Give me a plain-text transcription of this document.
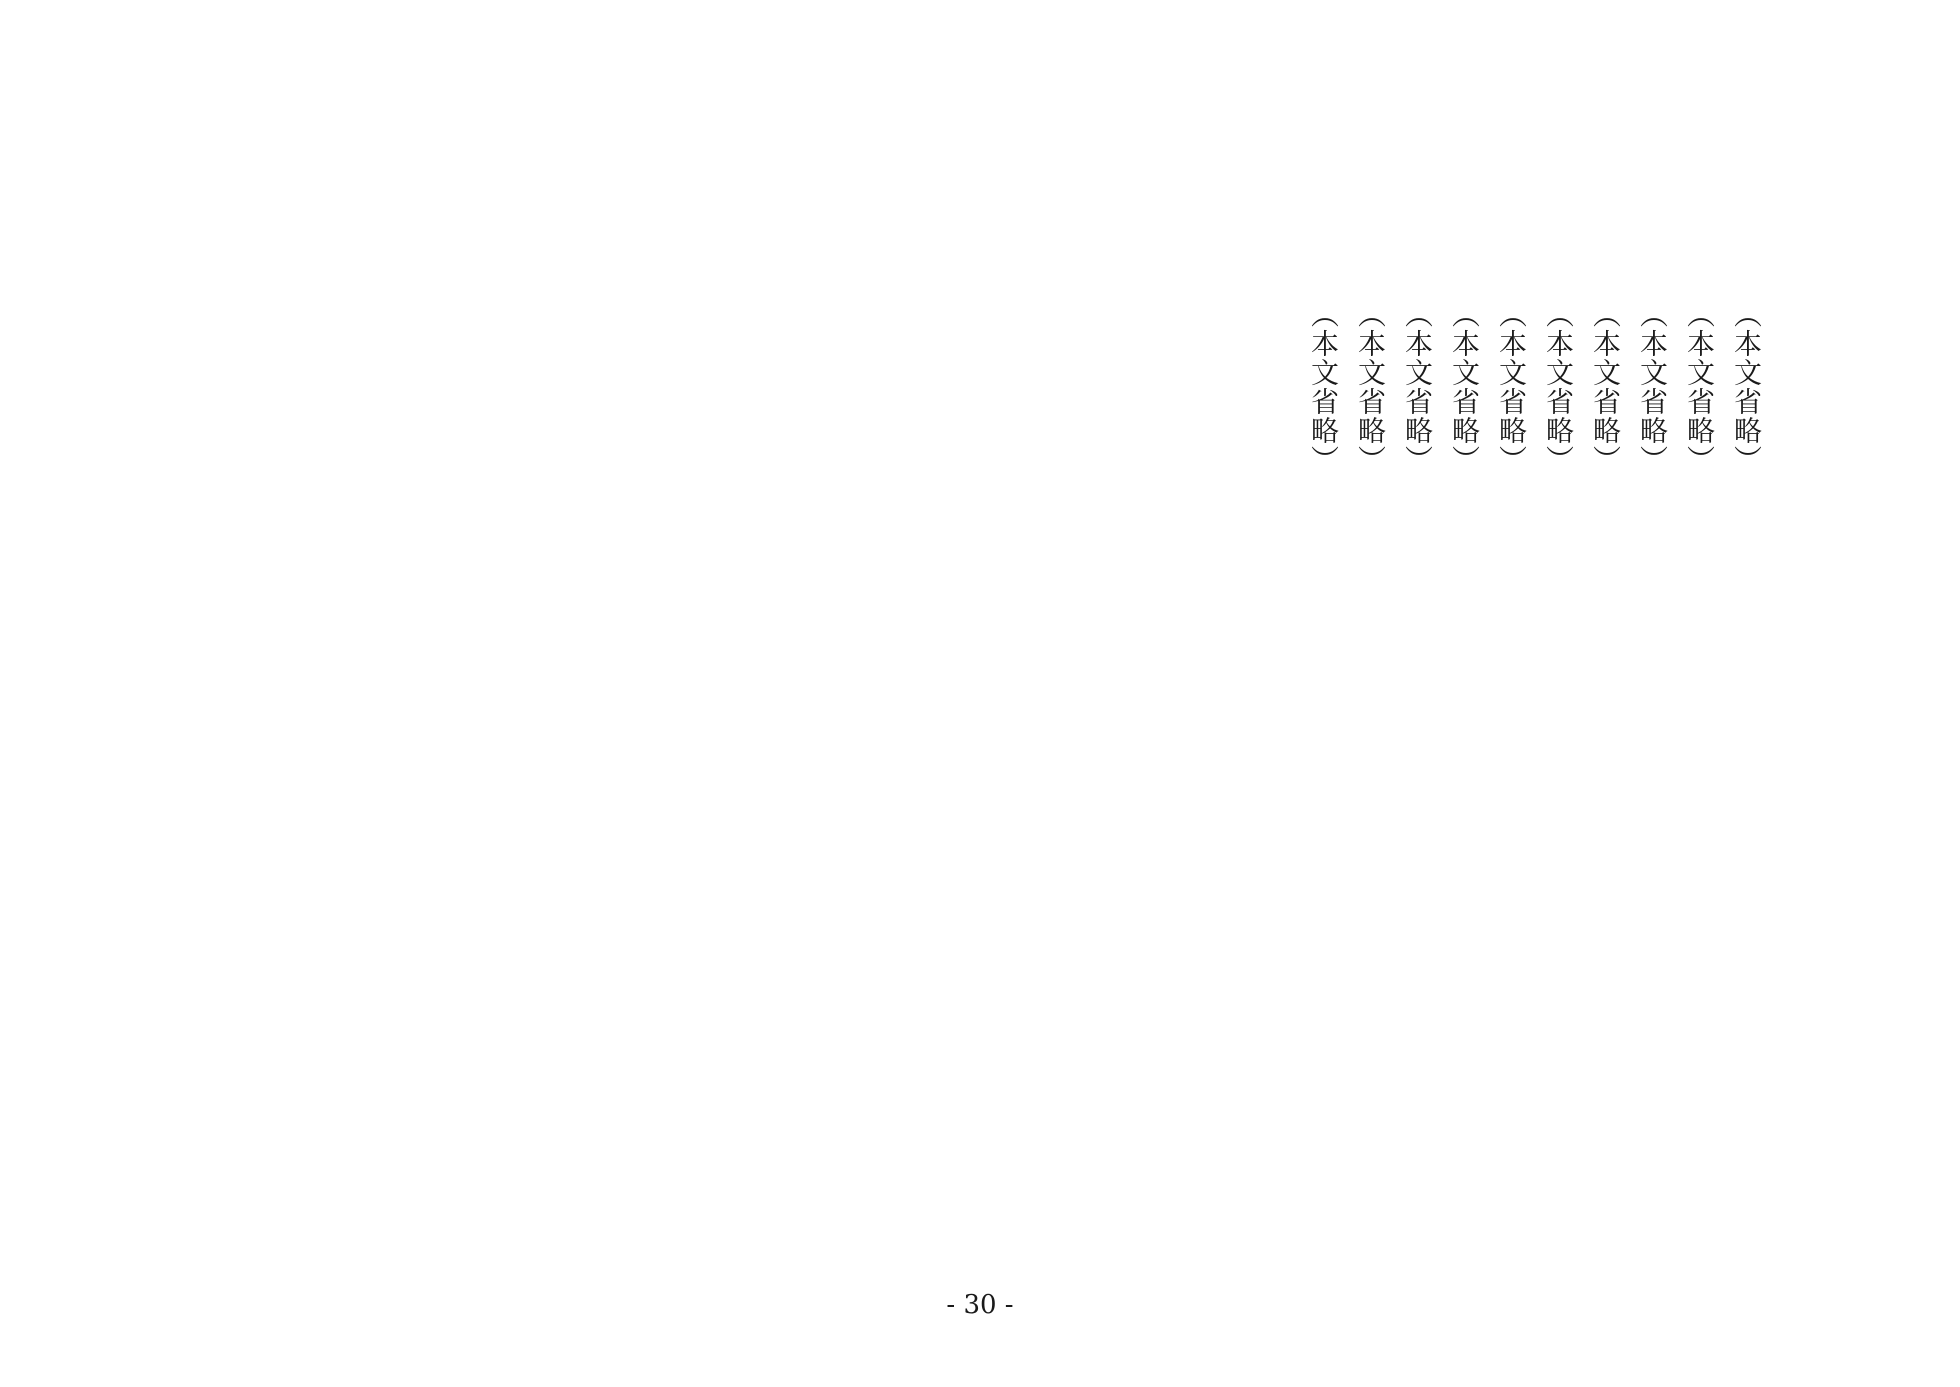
（本文省略）
（本文省略）
（本文省略）
（本文省略）
（本文省略）
（本文省略）
（本文省略）
（本文省略）
（本文省略）
（本文省略）
- 30 -
